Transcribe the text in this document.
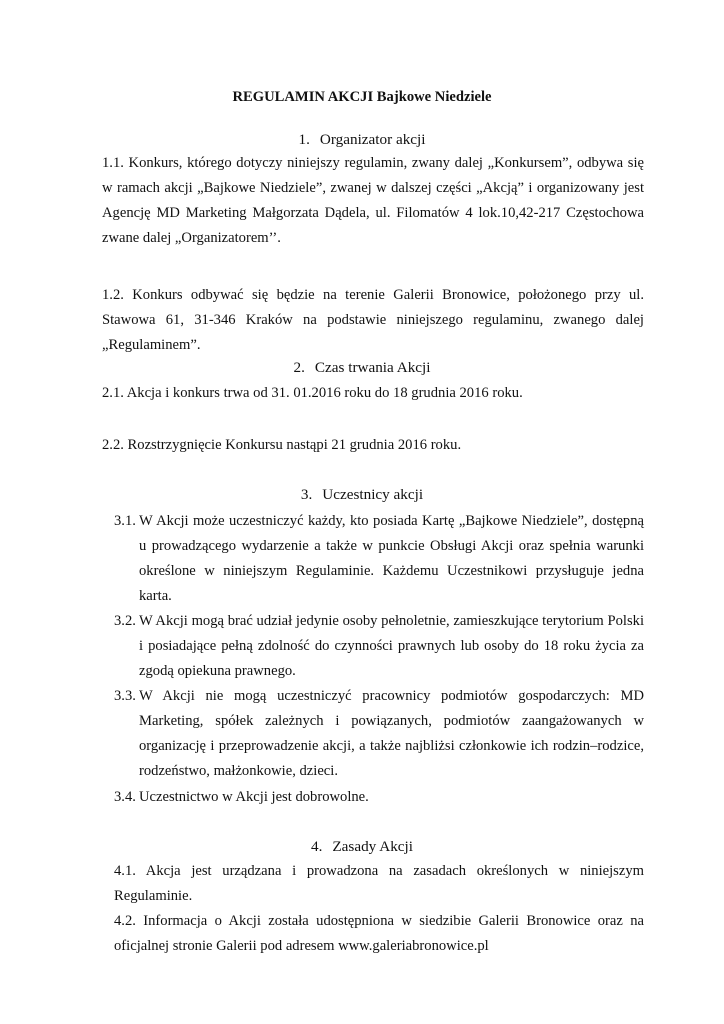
REGULAMIN AKCJI Bajkowe Niedziele
1. Organizator akcji
1.1. Konkurs, którego dotyczy niniejszy regulamin, zwany dalej „Konkursem”, odbywa się w ramach akcji „Bajkowe Niedziele”, zwanej w dalszej części „Akcją” i organizowany jest Agencję MD Marketing Małgorzata Dądela, ul. Filomatów 4 lok.10,42-217 Częstochowa zwane dalej „Organizatorem’’.
1.2. Konkurs odbywać się będzie na terenie Galerii Bronowice, położonego przy ul. Stawowa 61, 31-346 Kraków na podstawie niniejszego regulaminu, zwanego dalej „Regulaminem”.
2. Czas trwania Akcji
2.1. Akcja i konkurs trwa od 31. 01.2016 roku do 18 grudnia 2016 roku.
2.2. Rozstrzygnięcie Konkursu nastąpi 21 grudnia 2016 roku.
3. Uczestnicy akcji
3.1. W Akcji może uczestniczyć każdy, kto posiada Kartę „Bajkowe Niedziele”, dostępną u prowadzącego wydarzenie a także w punkcie Obsługi Akcji oraz spełnia warunki określone w niniejszym Regulaminie. Każdemu Uczestnikowi przysługuje jedna karta.
3.2. W Akcji mogą brać udział jedynie osoby pełnoletnie, zamieszkujące terytorium Polski i posiadające pełną zdolność do czynności prawnych lub osoby do 18 roku życia za zgodą opiekuna prawnego.
3.3. W Akcji nie mogą uczestniczyć pracownicy podmiotów gospodarczych: MD Marketing, spółek zależnych i powiązanych, podmiotów zaangażowanych w organizację i przeprowadzenie akcji, a także najbliżsi członkowie ich rodzin–rodzice, rodzeństwo, małżonkowie, dzieci.
3.4. Uczestnictwo w Akcji jest dobrowolne.
4. Zasady Akcji
4.1. Akcja jest urządzana i prowadzona na zasadach określonych w niniejszym Regulaminie.
4.2. Informacja o Akcji została udostępniona w siedzibie Galerii Bronowice oraz na oficjalnej stronie Galerii pod adresem www.galeriabronowice.pl
